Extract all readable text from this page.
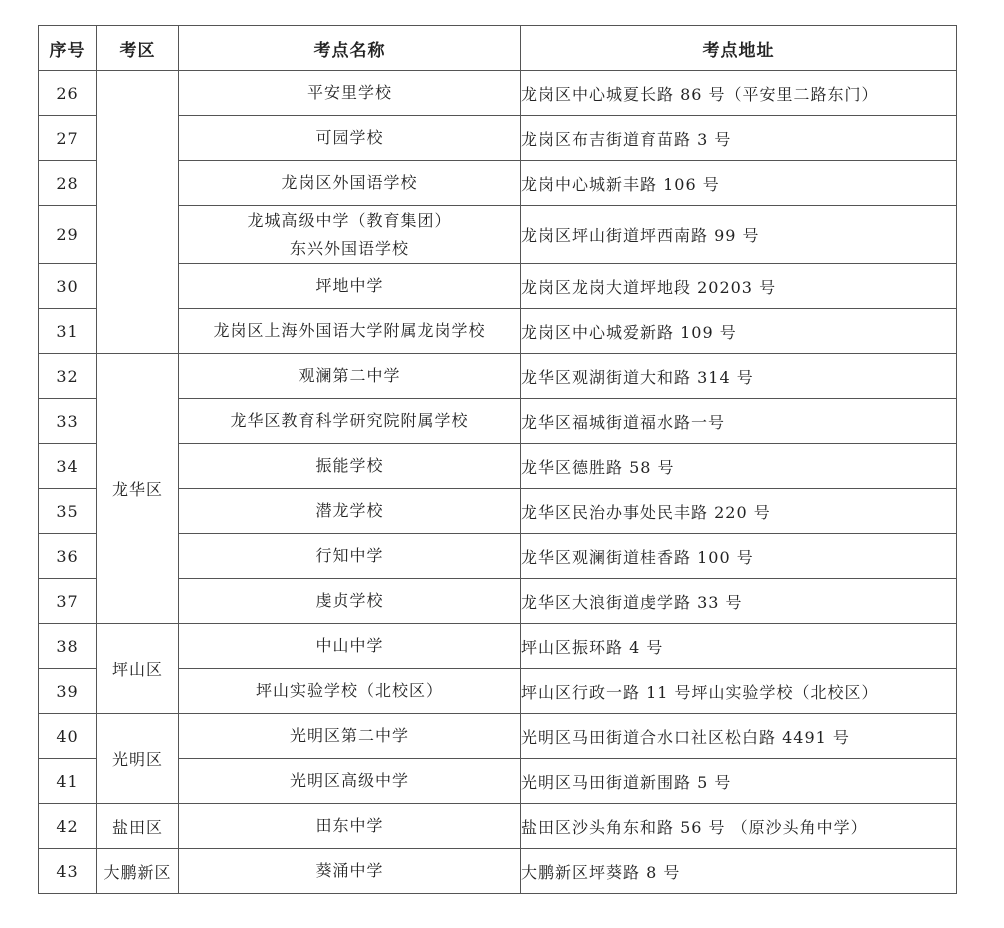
序号	考区	考点名称	考点地址
26		平安里学校	龙岗区中心城夏长路 86 号（平安里二路东门）
27		可园学校	龙岗区布吉街道育苗路 3 号
28		龙岗区外国语学校	龙岗中心城新丰路 106 号
29		龙城高级中学（教育集团）
东兴外国语学校	龙岗区坪山街道坪西南路 99 号
30		坪地中学	龙岗区龙岗大道坪地段 20203 号
31		龙岗区上海外国语大学附属龙岗学校	龙岗区中心城爱新路 109 号
32	龙华区	观澜第二中学	龙华区观湖街道大和路 314 号
33		龙华区教育科学研究院附属学校	龙华区福城街道福水路一号
34		振能学校	龙华区德胜路 58 号
35		潜龙学校	龙华区民治办事处民丰路 220 号
36		行知中学	龙华区观澜街道桂香路 100 号
37		虔贞学校	龙华区大浪街道虔学路 33 号
38	坪山区	中山中学	坪山区振环路 4 号
39		坪山实验学校（北校区）	坪山区行政一路 11 号坪山实验学校（北校区）
40	光明区	光明区第二中学	光明区马田街道合水口社区松白路 4491 号
41		光明区高级中学	光明区马田街道新围路 5 号
42	盐田区	田东中学	盐田区沙头角东和路 56 号 （原沙头角中学）
43	大鹏新区	葵涌中学	大鹏新区坪葵路 8 号
